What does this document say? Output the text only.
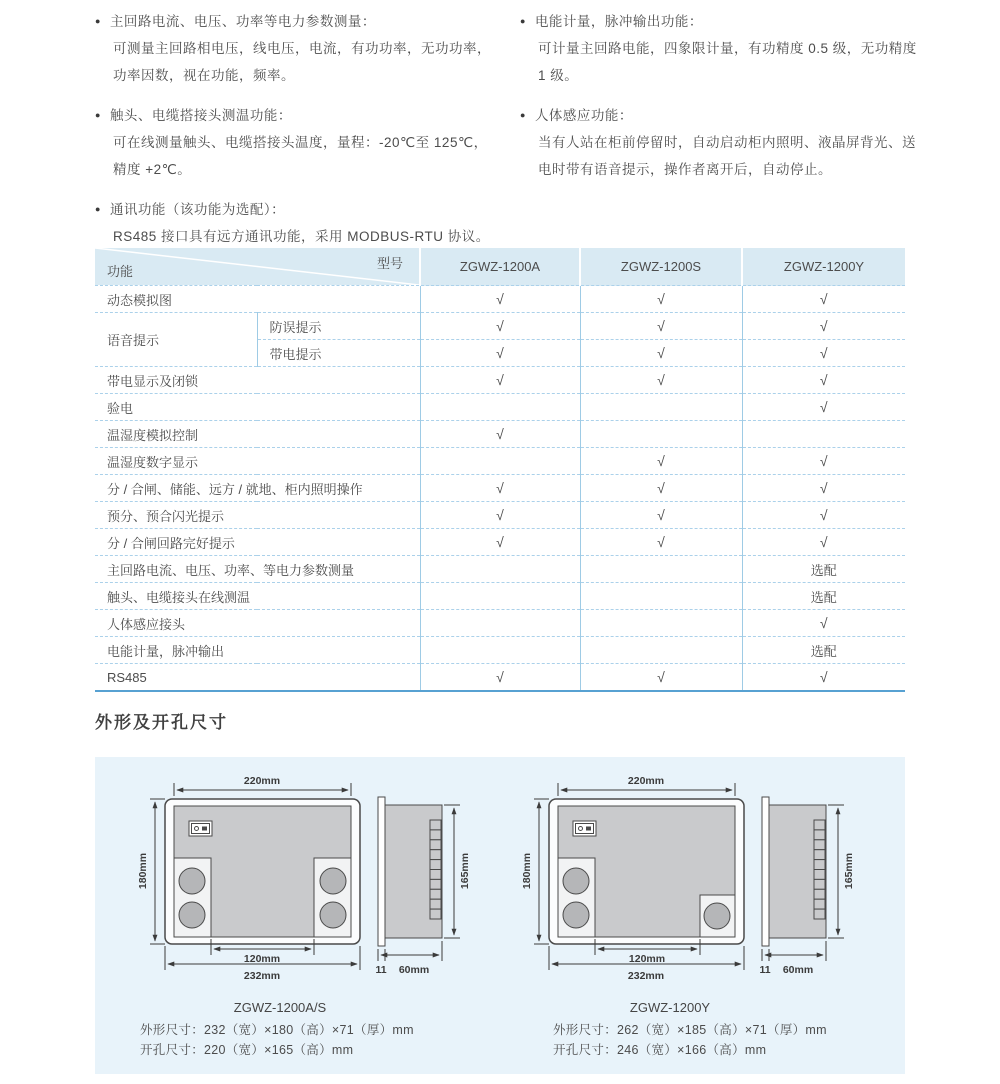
● 主回路电流、电压、功率等电力参数测量：
可测量主回路相电压，线电压，电流，有功功率，无功功率，
功率因数，视在功能，频率。
● 触头、电缆搭接头测温功能：
可在线测量触头、电缆搭接头温度，量程：-20℃至 125℃，
精度 +2℃。
● 通讯功能（该功能为选配）：
RS485 接口具有远方通讯功能，采用 MODBUS-RTU 协议。
● 电能计量，脉冲输出功能：
可计量主回路电能，四象限计量，有功精度 0.5 级，无功精度
1 级。
● 人体感应功能：
当有人站在柜前停留时，自动启动柜内照明、液晶屏背光、送
电时带有语音提示，操作者离开后，自动停止。
型号
功能		ZGWZ-1200A	ZGWZ-1200S	ZGWZ-1200Y
动态模拟图		√	√	√
语音提示	防误提示	√	√	√
	带电提示	√	√	√
带电显示及闭锁		√	√	√
验电				√
温湿度模拟控制		√		
温湿度数字显示			√	√
分 / 合闸、储能、远方 / 就地、柜内照明操作		√	√	√
预分、预合闪光提示		√	√	√
分 / 合闸回路完好提示		√	√	√
主回路电流、电压、功率、等电力参数测量				选配
触头、电缆接头在线测温				选配
人体感应接头				√
电能计量，脉冲输出				选配
RS485		√	√	√
外形及开孔尺寸
220mm
180mm
120mm
232mm
165mm
11 60mm
220mm
180mm
120mm
232mm
165mm
11 60mm
ZGWZ-1200A/S	ZGWZ-1200Y
外形尺寸：232（宽）×180（高）×71（厚）mm
开孔尺寸：220（宽）×165（高）mm
外形尺寸：262（宽）×185（高）×71（厚）mm
开孔尺寸：246（宽）×166（高）mm
